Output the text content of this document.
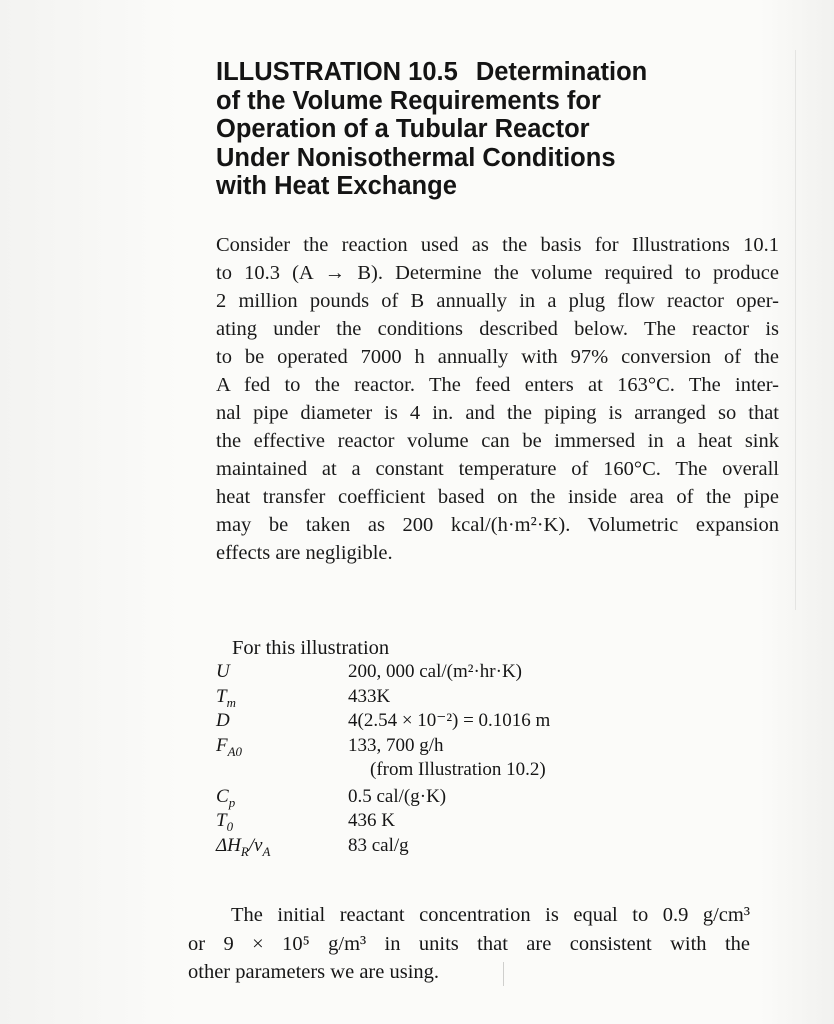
ILLUSTRATION 10.5 Determination
of the Volume Requirements for
Operation of a Tubular Reactor
Under Nonisothermal Conditions
with Heat Exchange

Consider the reaction used as the basis for Illustrations 10.1
to 10.3 (A → B). Determine the volume required to produce
2 million pounds of B annually in a plug flow reactor oper-
ating under the conditions described below. The reactor is
to be operated 7000 h annually with 97% conversion of the
A fed to the reactor. The feed enters at 163°C. The inter-
nal pipe diameter is 4 in. and the piping is arranged so that
the effective reactor volume can be immersed in a heat sink
maintained at a constant temperature of 160°C. The overall
heat transfer coefficient based on the inside area of the pipe
may be taken as 200 kcal/(h·m²·K). Volumetric expansion
effects are negligible.

For this illustration

U	200, 000 cal/(m²·hr·K)
$T_m$	433K
D	4(2.54 × 10⁻²) = 0.1016 m
$F_{A0}$	133, 700 g/h
(from Illustration 10.2)
$C_p$	0.5 cal/(g·K)
$T_0$	436 K
$\Delta H_R/\nu_A$	83 cal/g

The initial reactant concentration is equal to 0.9 g/cm³
or 9 × 10⁵ g/m³ in units that are consistent with the
other parameters we are using.
